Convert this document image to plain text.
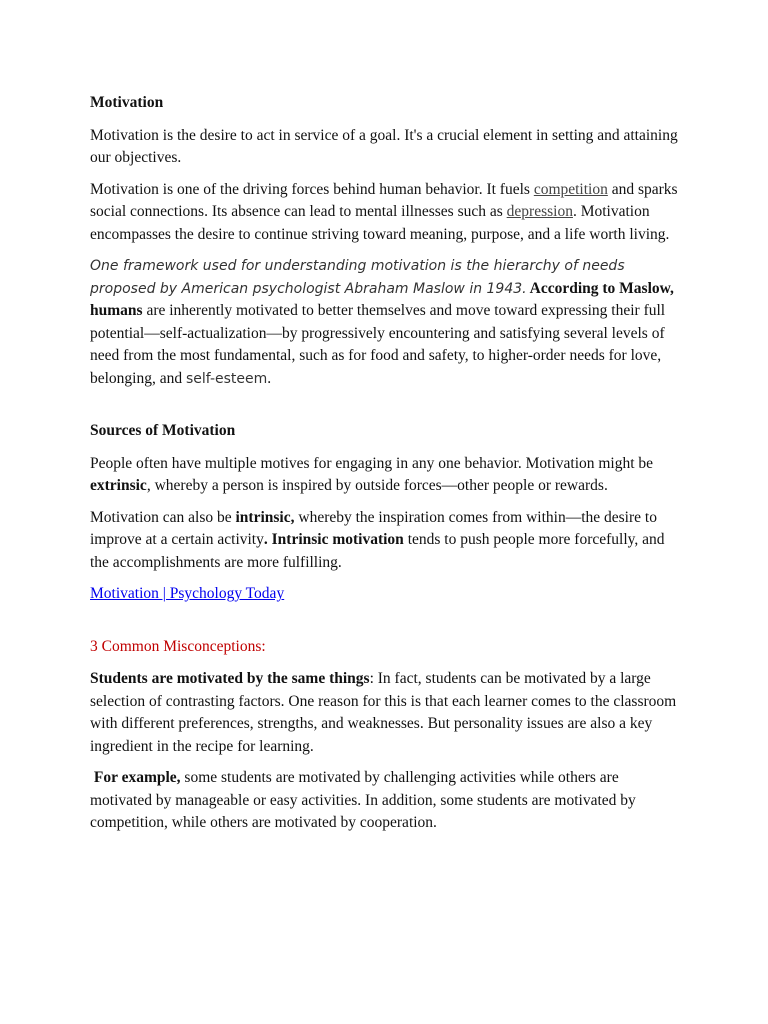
Motivation

Motivation is the desire to act in service of a goal. It's a crucial element in setting and attaining our objectives.

Motivation is one of the driving forces behind human behavior. It fuels competition and sparks social connections. Its absence can lead to mental illnesses such as depression. Motivation encompasses the desire to continue striving toward meaning, purpose, and a life worth living.

One framework used for understanding motivation is the hierarchy of needs proposed by American psychologist Abraham Maslow in 1943. According to Maslow, humans are inherently motivated to better themselves and move toward expressing their full potential—self-actualization—by progressively encountering and satisfying several levels of need from the most fundamental, such as for food and safety, to higher-order needs for love, belonging, and self-esteem.

Sources of Motivation

People often have multiple motives for engaging in any one behavior. Motivation might be extrinsic, whereby a person is inspired by outside forces—other people or rewards.

Motivation can also be intrinsic, whereby the inspiration comes from within—the desire to improve at a certain activity. Intrinsic motivation tends to push people more forcefully, and the accomplishments are more fulfilling.

Motivation | Psychology Today

3 Common Misconceptions:

Students are motivated by the same things: In fact, students can be motivated by a large selection of contrasting factors. One reason for this is that each learner comes to the classroom with different preferences, strengths, and weaknesses. But personality issues are also a key ingredient in the recipe for learning.

For example, some students are motivated by challenging activities while others are motivated by manageable or easy activities. In addition, some students are motivated by competition, while others are motivated by cooperation.
